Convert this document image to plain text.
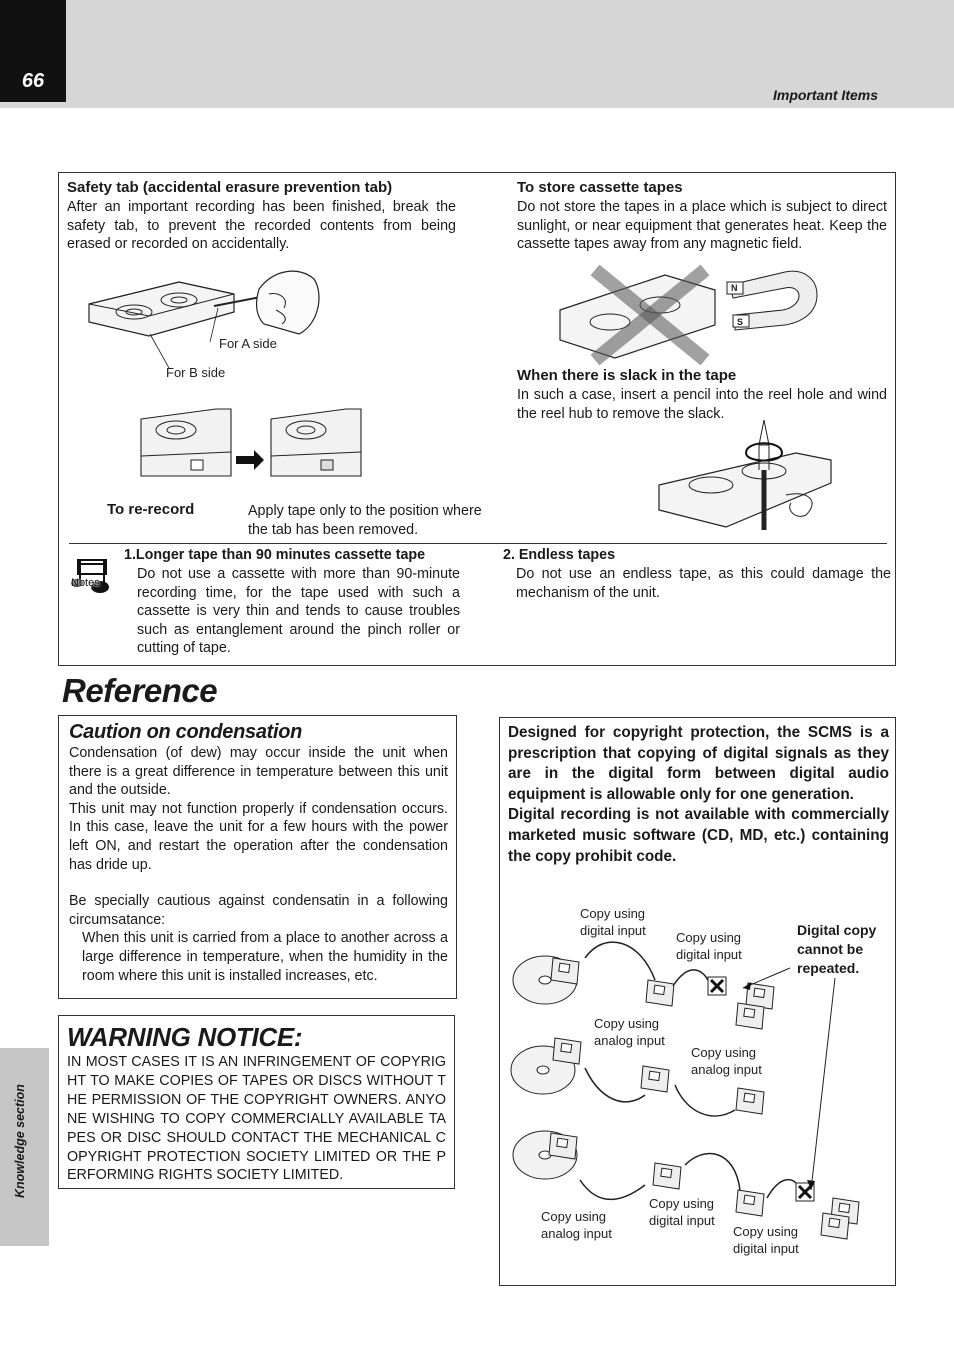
66
Important Items
Knowledge section

Safety tab (accidental erasure prevention tab)

After an important recording has been finished, break the safety tab, to prevent the recorded contents from being erased or recorded on accidentally.

For A side
For B side
To re-record	Apply tape only to the position where
the tab has been removed.

To store cassette tapes

Do not store the tapes in a place which is subject to direct sunlight, or near equipment that generates heat. Keep the cassette tapes away from any magnetic field.

N
S

When there is slack in the tape

In such a case, insert a pencil into the reel hole and wind the reel hub to remove the slack.

Notes

1.Longer tape than 90 minutes cassette tape

Do not use a cassette with more than 90-minute recording time, for the tape used with such a cassette is very thin and tends to cause troubles such as entanglement around the pinch roller or cutting of tape.

2. Endless tapes

Do not use an endless tape, as this could damage the mechanism of the unit.

Reference

Caution on condensation

Condensation (of dew) may occur inside the unit when there is a great difference in temperature between this unit and the outside.

This unit may not function properly if condensation occurs. In this case, leave the unit for a few hours with the power left ON, and restart the operation after the condensation has dride up.

Be specially cautious against condensatin in a following circumsatance:

When this unit is carried from a place to another across a large difference in temperature, when the humidity in the room where this unit is installed increases, etc.

WARNING NOTICE:

IN MOST CASES IT IS AN INFRINGEMENT OF COPYRIGHT TO MAKE COPIES OF TAPES OR DISCS WITHOUT THE PERMISSION OF THE COPYRIGHT OWNERS. ANYONE WISHING TO COPY COMMERCIALLY AVAILABLE TAPES OR DISC SHOULD CONTACT THE MECHANICAL COPYRIGHT PROTECTION SOCIETY LIMITED OR THE PERFORMING RIGHTS SOCIETY LIMITED.

Designed for copyright protection, the SCMS is a prescription that copying of digital signals as they are in the digital form between digital audio equipment is allowable only for one generation.

Digital recording is not available with commercially marketed music software (CD, MD, etc.) containing the copy prohibit code.

Copy using digital input	Copy using digital input
Digital copy cannot be repeated.
Copy using analog input
Copy using analog input
Copy using analog input
Copy using digital input
Copy using digital input
